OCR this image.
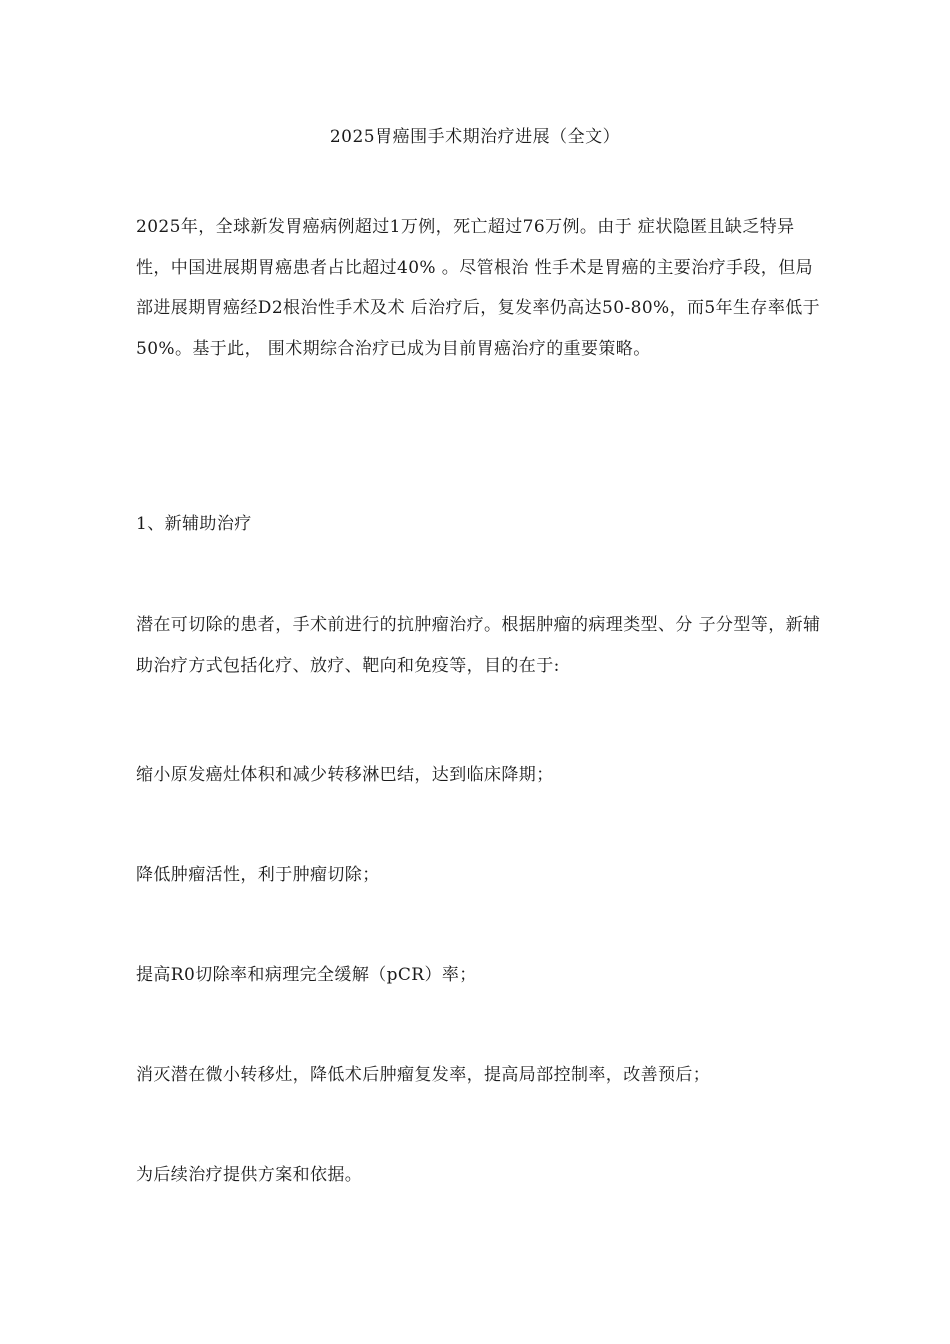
2025胃癌围手术期治疗进展（全文）

2025年，全球新发胃癌病例超过1万例，死亡超过76万例。由于 症状隐匿且缺乏特异性，中国进展期胃癌患者占比超过40% 。尽管根治 性手术是胃癌的主要治疗手段，但局部进展期胃癌经D2根治性手术及术 后治疗后，复发率仍高达50-80%，而5年生存率低于50%。基于此， 围术期综合治疗已成为目前胃癌治疗的重要策略。

1、新辅助治疗

潜在可切除的患者，手术前进行的抗肿瘤治疗。根据肿瘤的病理类型、分 子分型等，新辅助治疗方式包括化疗、放疗、靶向和免疫等，目的在于:

缩小原发癌灶体积和减少转移淋巴结，达到临床降期；

降低肿瘤活性，利于肿瘤切除；

提高R0切除率和病理完全缓解（pCR）率；

消灭潜在微小转移灶，降低术后肿瘤复发率，提高局部控制率，改善预后；

为后续治疗提供方案和依据。
